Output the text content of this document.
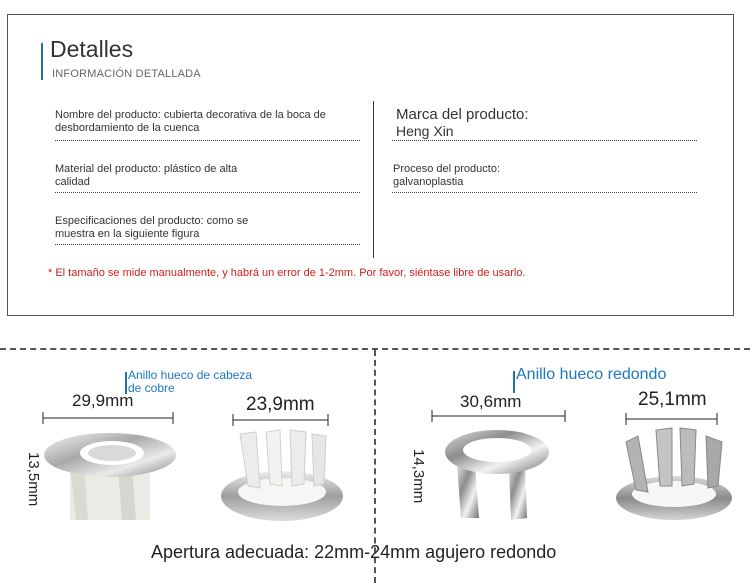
Detalles
INFORMACIÓN DETALLADA
Nombre del producto: cubierta decorativa de la boca de
desbordamiento de la cuenca
Material del producto: plástico de alta
calidad
Especificaciones del producto: como se
muestra en la siguiente figura
Marca del producto:
Heng Xin
Proceso del producto:
galvanoplastia
* El tamaño se mide manualmente, y habrá un error de 1-2mm. Por favor, siéntase libre de usarlo.
Anillo hueco de cabeza
de cobre
29,9mm	23,9mm
13,5mm
Anillo hueco redondo
30,6mm	25,1mm
14,3mm
Apertura adecuada: 22mm-24mm agujero redondo
